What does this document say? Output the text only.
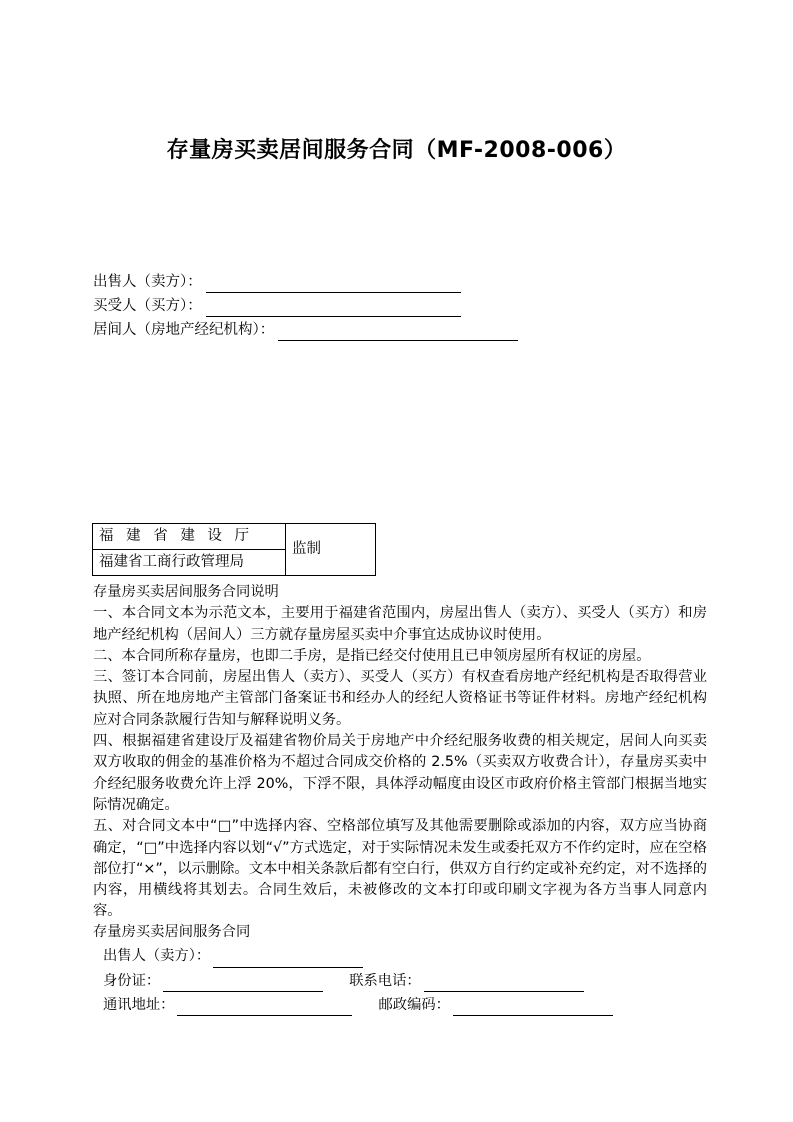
存量房买卖居间服务合同（MF-2008-006）
出售人（卖方）：
买受人（买方）：
居间人（房地产经纪机构）：
福 建 省 建 设 厅	监制
福建省工商行政管理局

存量房买卖居间服务合同说明

一、本合同文本为示范文本，主要用于福建省范围内，房屋出售人（卖方）、买受人（买方）和房地产经纪机构（居间人）三方就存量房屋买卖中介事宜达成协议时使用。

二、本合同所称存量房，也即二手房，是指已经交付使用且已申领房屋所有权证的房屋。

三、签订本合同前，房屋出售人（卖方）、买受人（买方）有权查看房地产经纪机构是否取得营业执照、所在地房地产主管部门备案证书和经办人的经纪人资格证书等证件材料。房地产经纪机构应对合同条款履行告知与解释说明义务。

四、根据福建省建设厅及福建省物价局关于房地产中介经纪服务收费的相关规定，居间人向买卖双方收取的佣金的基准价格为不超过合同成交价格的 2.5%（买卖双方收费合计），存量房买卖中介经纪服务收费允许上浮 20%，下浮不限，具体浮动幅度由设区市政府价格主管部门根据当地实际情况确定。

五、对合同文本中“□”中选择内容、空格部位填写及其他需要删除或添加的内容，双方应当协商确定，“□”中选择内容以划“√”方式选定，对于实际情况未发生或委托双方不作约定时，应在空格部位打“×”，以示删除。文本中相关条款后都有空白行，供双方自行约定或补充约定，对不选择的内容，用横线将其划去。合同生效后，未被修改的文本打印或印刷文字视为各方当事人同意内容。

存量房买卖居间服务合同
出售人（卖方）：
身份证：	联系电话：
通讯地址：	邮政编码：
